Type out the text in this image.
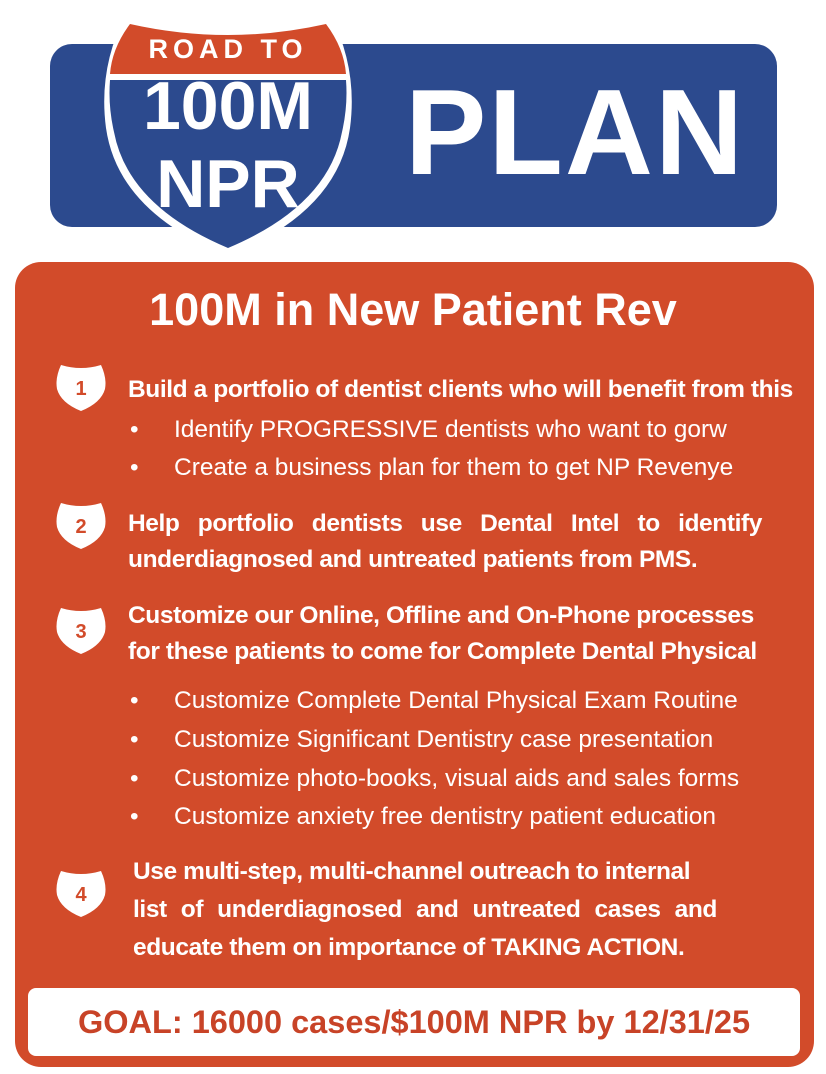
PLAN
ROAD TO
100M
NPR
100M in New Patient Rev
1	Build a portfolio of dentist clients who will benefit from this
• Identify PROGRESSIVE dentists who want to gorw
• Create a business plan for them to get NP Revenye
2	Help portfolio dentists use Dental Intel to identify
underdiagnosed and untreated patients from PMS.
3
Customize our Online, Offline and On-Phone processes
for these patients to come for Complete Dental Physical
• Customize Complete Dental Physical Exam Routine
• Customize Significant Dentistry case presentation
• Customize photo-books, visual aids and sales forms
• Customize anxiety free dentistry patient education
4
Use multi-step, multi-channel outreach to internal
list of underdiagnosed and untreated cases and
educate them on importance of TAKING ACTION.
GOAL: 16000 cases/$100M NPR by 12/31/25
